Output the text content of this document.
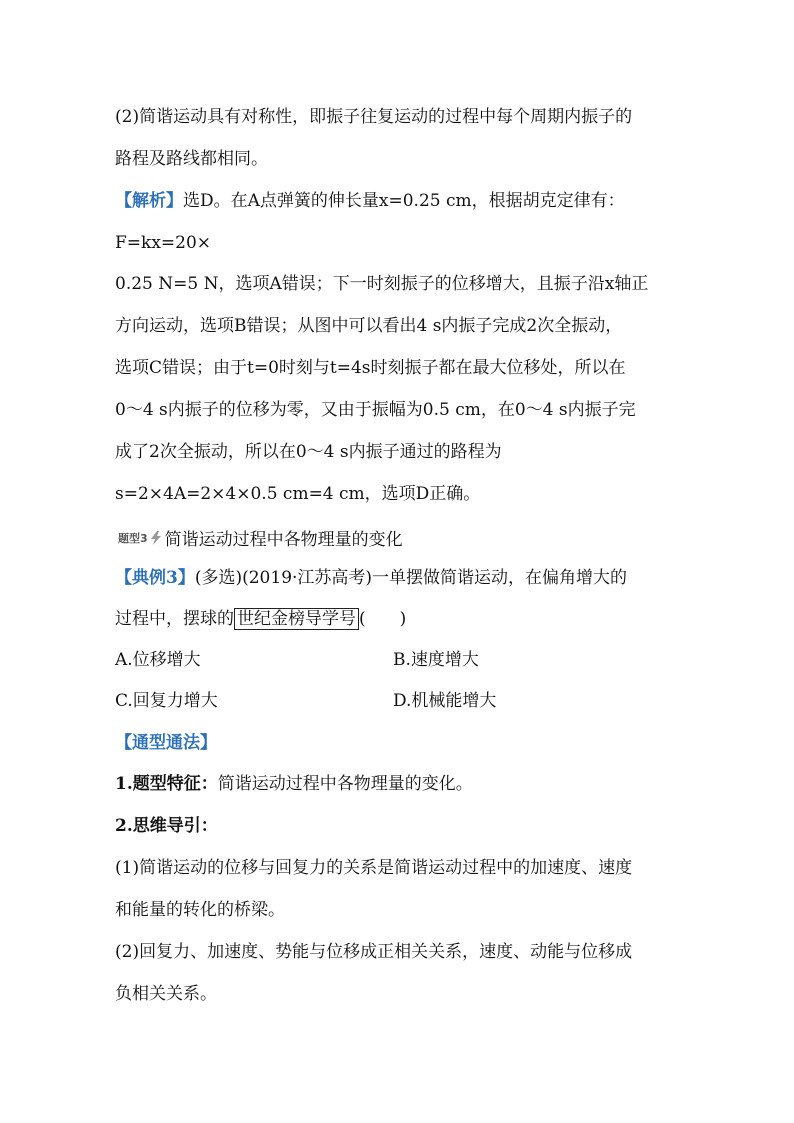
(2)简谐运动具有对称性，即振子往复运动的过程中每个周期内振子的
路程及路线都相同。
【解析】选D。在A点弹簧的伸长量x=0.25 cm，根据胡克定律有：
F=kx=20×
0.25 N=5 N，选项A错误；下一时刻振子的位移增大，且振子沿x轴正
方向运动，选项B错误；从图中可以看出4 s内振子完成2次全振动，
选项C错误；由于t=0时刻与t=4s时刻振子都在最大位移处，所以在
0～4 s内振子的位移为零，又由于振幅为0.5 cm，在0～4 s内振子完
成了2次全振动，所以在0～4 s内振子通过的路程为
s=2×4A=2×4×0.5 cm=4 cm，选项D正确。
题型3 简谐运动过程中各物理量的变化
【典例3】(多选)(2019·江苏高考)一单摆做简谐运动，在偏角增大的
过程中，摆球的 世纪金榜导学号 (　　)
A.位移增大	B.速度增大
C.回复力增大	D.机械能增大
【通型通法】
1.题型特征：简谐运动过程中各物理量的变化。
2.思维导引：
(1)简谐运动的位移与回复力的关系是简谐运动过程中的加速度、速度
和能量的转化的桥梁。
(2)回复力、加速度、势能与位移成正相关关系，速度、动能与位移成
负相关关系。
